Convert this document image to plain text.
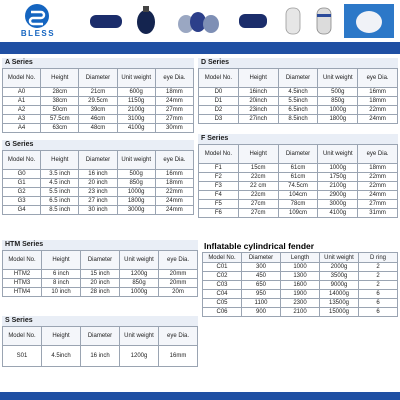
BLESS
A Series
Model No.	Height	Diameter	Unit weight	eye Dia.
A0	28cm	21cm	600g	18mm
A1	38cm	29.5cm	1150g	24mm
A2	50cm	39cm	2100g	27mm
A3	57.5cm	46cm	3100g	27mm
A4	63cm	48cm	4100g	30mm
D Series
Model No.	Height	Diameter	Unit weight	eye Dia.
D0	16inch	4.5inch	500g	16mm
D1	20inch	5.5inch	850g	18mm
D2	23inch	6.5inch	1000g	22mm
D3	27inch	8.5inch	1800g	24mm
F Series
Model No.	Height	Diameter	Unit weight	eye Dia.
F1	15cm	61cm	1000g	18mm
F2	22cm	61cm	1750g	22mm
F3	22 cm	74.5cm	2100g	22mm
F4	22cm	104cm	2900g	24mm
F5	27cm	78cm	3000g	27mm
F6	27cm	109cm	4100g	31mm
G Series
Model No.	Height	Diameter	Unit weight	eye Dia.
G0	3.5 inch	16 inch	500g	16mm
G1	4.5 inch	20 inch	850g	18mm
G2	5.5 inch	23 inch	1000g	22mm
G3	6.5 inch	27 inch	1800g	24mm
G4	8.5 inch	30 inch	3000g	24mm
HTM Series
Model No.	Height	Diameter	Unit weight	eye Dia.
HTM2	6 inch	15 inch	1200g	20mm
HTM3	8 inch	20 inch	850g	20mm
HTM4	10 inch	28 inch	1000g	20m
S Series
Model No.	Height	Diameter	Unit weight	eye Dia.
S01	4.5inch	16 inch	1200g	16mm
Inflatable cylindrical fender
Model No.	Diameter	Length	Unit weight	D ring
C01	300	1000	2000g	2
C02	450	1300	3500g	2
C03	650	1600	9000g	2
C04	950	1900	14000g	6
C05	1100	2300	13500g	6
C06	900	2100	15000g	6
